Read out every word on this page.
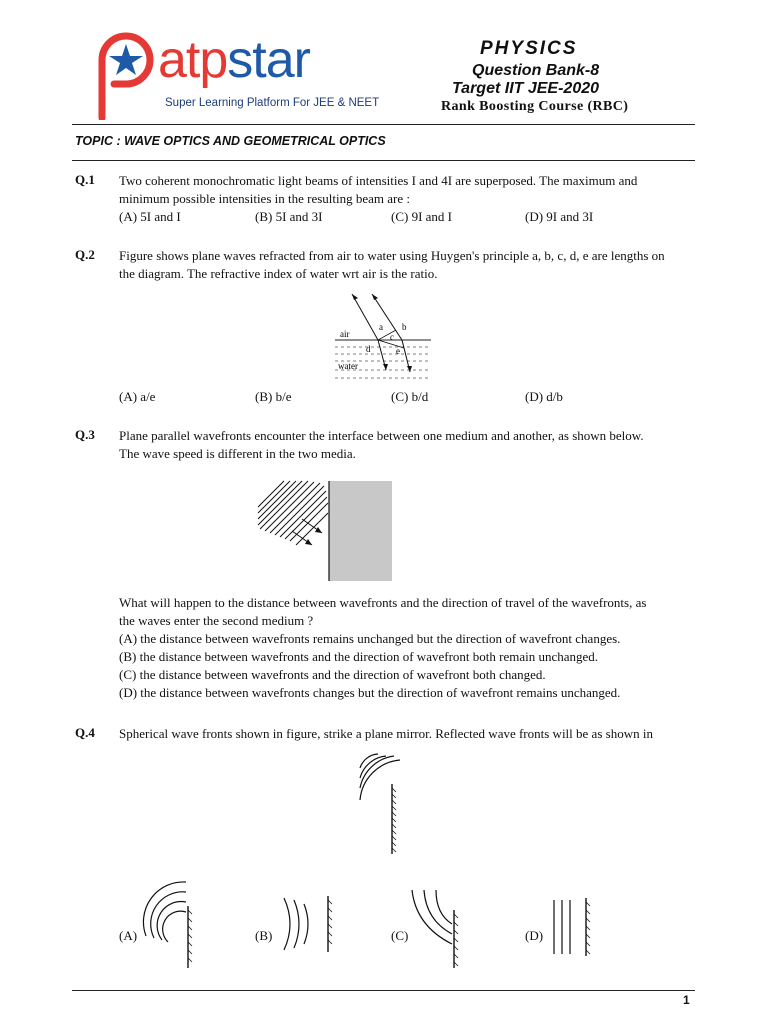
atpstar
Super Learning Platform For JEE & NEET
PHYSICS
Question Bank-8
Target IIT JEE-2020
Rank Boosting Course (RBC)
TOPIC : WAVE OPTICS AND GEOMETRICAL OPTICS
Q.1 Two coherent monochromatic light beams of intensities I and 4I are superposed. The maximum and
minimum possible intensities in the resulting beam are :
(A) 5I and I	(B) 5I and 3I	(C) 9I and I	(D) 9I and 3I
Q.2 Figure shows plane waves refracted from air to water using Huygen's principle a, b, c, d, e are lengths on
the diagram. The refractive index of water wrt air is the ratio.
a b
c
d	e
air
water
(A) a/e	(B) b/e	(C) b/d	(D) d/b
Q.3 Plane parallel wavefronts encounter the interface between one medium and another, as shown below.
The wave speed is different in the two media.
What will happen to the distance between wavefronts and the direction of travel of the wavefronts, as
the waves enter the second medium ?
(A) the distance between wavefronts remains unchanged but the direction of wavefront changes.
(B) the distance between wavefronts and the direction of wavefront both remain unchanged.
(C) the distance between wavefronts and the direction of wavefront both changed.
(D) the distance between wavefronts changes but the direction of wavefront remains unchanged.
Q.4 Spherical wave fronts shown in figure, strike a plane mirror. Reflected wave fronts will be as shown in
(A)	(B)	(C)	(D)
1
